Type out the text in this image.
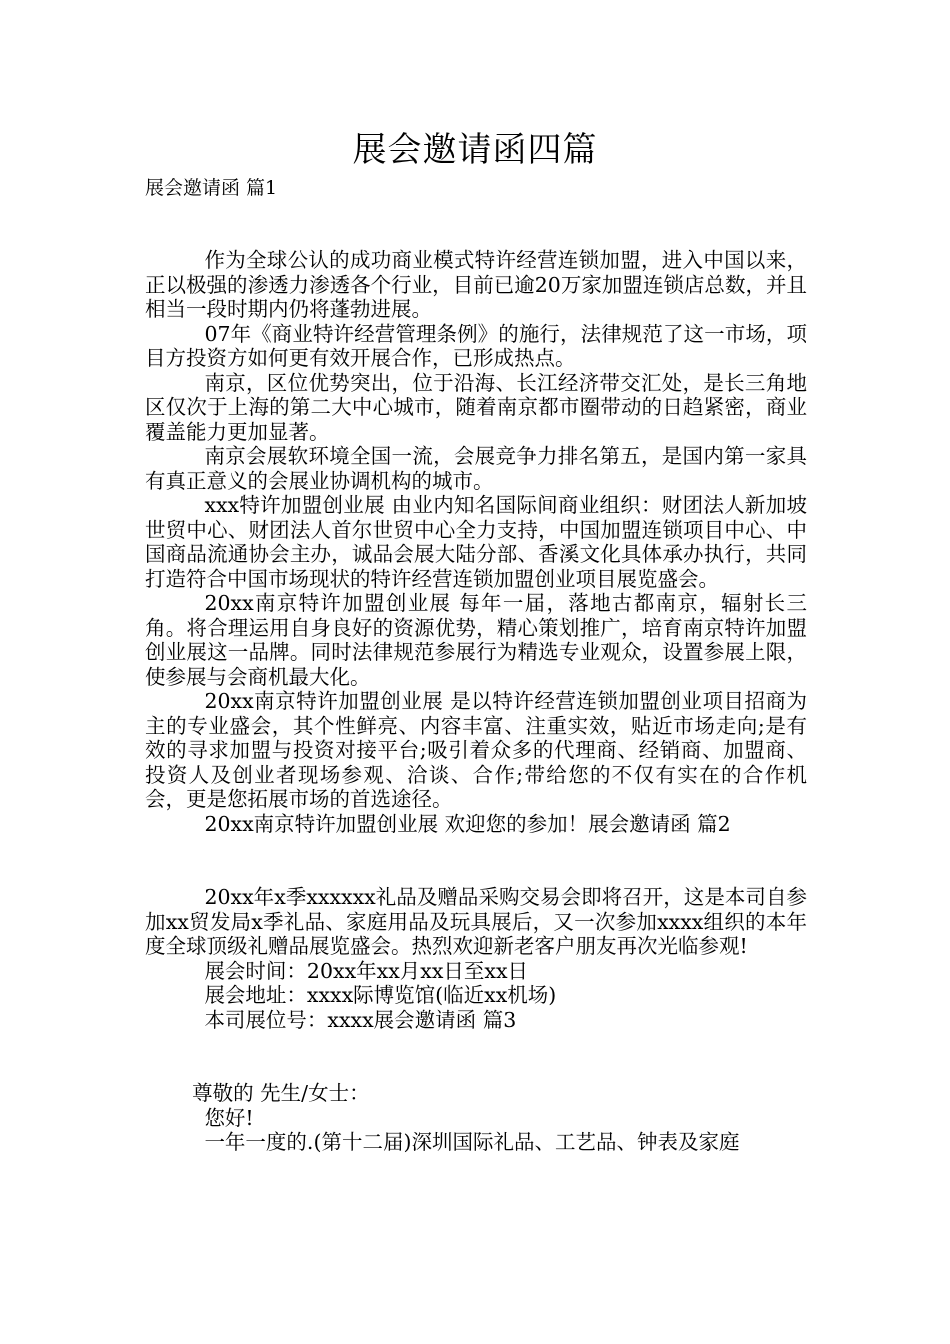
展会邀请函四篇
展会邀请函 篇1

作为全球公认的成功商业模式特许经营连锁加盟，进入中国以来，正以极强的渗透力渗透各个行业，目前已逾20万家加盟连锁店总数，并且相当一段时期内仍将蓬勃进展。

07年《商业特许经营管理条例》的施行，法律规范了这一市场，项目方投资方如何更有效开展合作，已形成热点。

南京，区位优势突出，位于沿海、长江经济带交汇处，是长三角地区仅次于上海的第二大中心城市，随着南京都市圈带动的日趋紧密，商业覆盖能力更加显著。

南京会展软环境全国一流，会展竞争力排名第五，是国内第一家具有真正意义的会展业协调机构的城市。

xxx特许加盟创业展 由业内知名国际间商业组织：财团法人新加坡世贸中心、财团法人首尔世贸中心全力支持，中国加盟连锁项目中心、中国商品流通协会主办，诚品会展大陆分部、香溪文化具体承办执行，共同打造符合中国市场现状的特许经营连锁加盟创业项目展览盛会。

20xx南京特许加盟创业展 每年一届，落地古都南京，辐射长三角。将合理运用自身良好的资源优势，精心策划推广，培育南京特许加盟创业展这一品牌。同时法律规范参展行为精选专业观众，设置参展上限，使参展与会商机最大化。

20xx南京特许加盟创业展 是以特许经营连锁加盟创业项目招商为主的专业盛会，其个性鲜亮、内容丰富、注重实效，贴近市场走向;是有效的寻求加盟与投资对接平台;吸引着众多的代理商、经销商、加盟商、投资人及创业者现场参观、洽谈、合作;带给您的不仅有实在的合作机会，更是您拓展市场的首选途径。

20xx南京特许加盟创业展 欢迎您的参加！展会邀请函 篇2

20xx年x季xxxxxx礼品及赠品采购交易会即将召开，这是本司自参加xx贸发局x季礼品、家庭用品及玩具展后，又一次参加xxxx组织的本年度全球顶级礼赠品展览盛会。热烈欢迎新老客户朋友再次光临参观!

展会时间：20xx年xx月xx日至xx日

展会地址：xxxx际博览馆(临近xx机场)

本司展位号：xxxx展会邀请函 篇3

尊敬的 先生/女士：

您好!

一年一度的.(第十二届)深圳国际礼品、工艺品、钟表及家庭
